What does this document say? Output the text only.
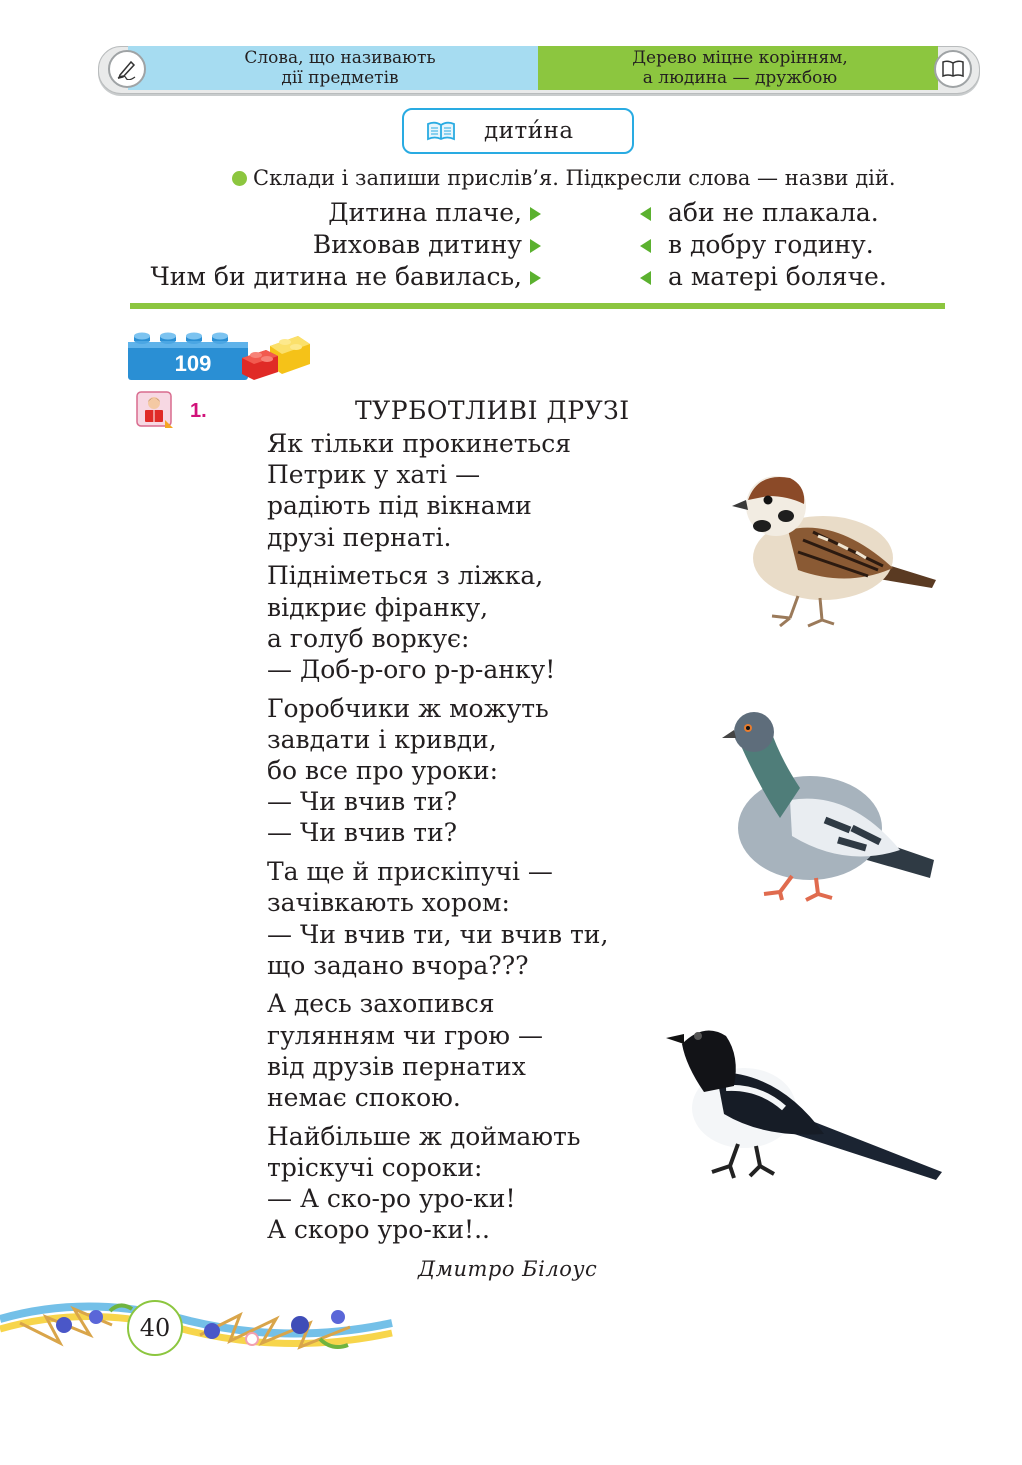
Слова, що називають
дії предметів
Дерево міцне корінням,
а людина — дружбою
дити́на
Склади і запиши прислів’я. Підкресли слова — назви дій.
Дитина плаче,
Виховав дитину
Чим би дитина не бавилась,
аби не плакала.
в добру годину.
а матері боляче.
109
1.	ТУРБОТЛИВІ ДРУЗІ
Як тільки прокинеться
Петрик у хаті —
радіють під вікнами
друзі пернаті.
Підніметься з ліжка,
відкриє фіранку,
а голуб воркує:
— Доб-р-ого р-р-анку!
Горобчики ж можуть
завдати і кривди,
бо все про уроки:
— Чи вчив ти?
— Чи вчив ти?
Та ще й прискіпучі —
зачівкають хором:
— Чи вчив ти, чи вчив ти,
що задано вчора???
А десь захопився
гулянням чи грою —
від друзів пернатих
немає спокою.
Найбільше ж доймають
тріскучі сороки:
— А ско-ро уро-ки!
А скоро уро-ки!..
Дмитро Білоус
40
